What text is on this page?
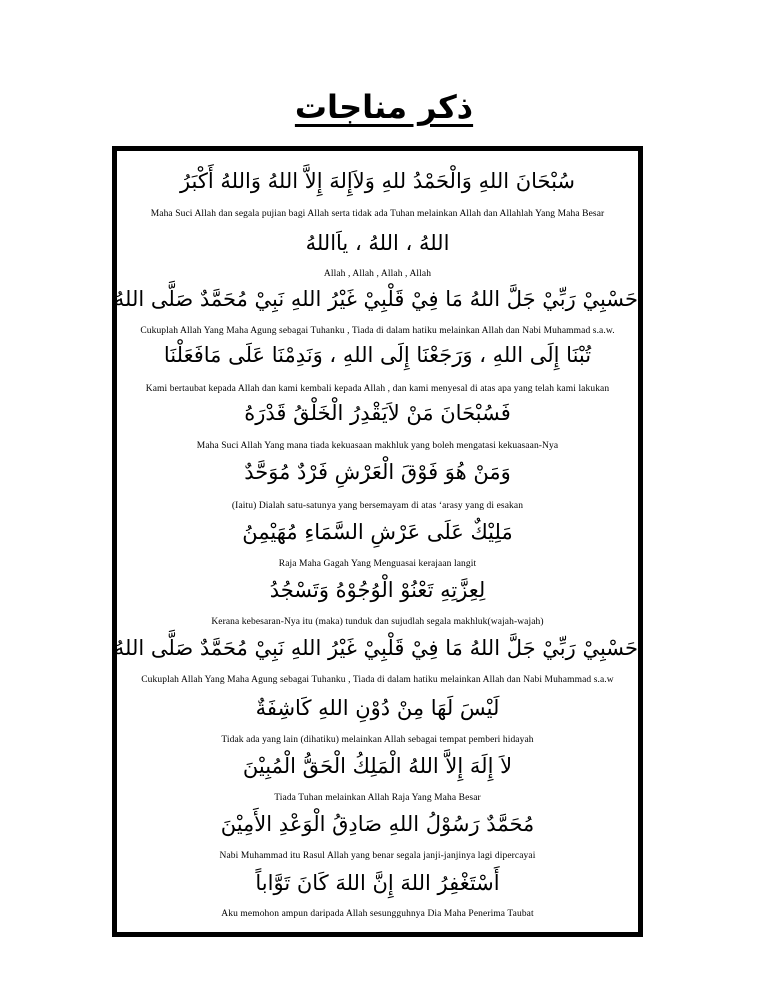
ذكر مناجات
سُبْحَانَ اللهِ وَالْحَمْدُ للهِ وَلاَإِلهَ إِلاَّ اللهُ وَاللهُ أَكْبَرُ
Maha Suci Allah dan segala pujian bagi Allah serta tidak ada Tuhan melainkan Allah dan Allahlah Yang Maha Besar
اللهُ ، اللهُ ، ياَاللهُ
Allah , Allah , Allah , Allah
حَسْبِيْ رَبِّيْ جَلَّ اللهُ مَا فِيْ قَلْبِيْ غَيْرُ اللهِ نَبِيْ مُحَمَّدٌ صَلَّى اللهُ
Cukuplah Allah Yang Maha Agung sebagai Tuhanku , Tiada di dalam hatiku melainkan Allah dan Nabi Muhammad s.a.w.
تُبْنَا إِلَى اللهِ ، وَرَجَعْنَا إِلَى اللهِ ، وَنَدِمْنَا عَلَى مَافَعَلْنَا
Kami bertaubat kepada Allah dan kami kembali kepada Allah , dan kami menyesal di atas apa yang telah kami lakukan
فَسُبْحَانَ مَنْ لاَيَقْدِرُ الْخَلْقُ قَدْرَهُ
Maha Suci Allah Yang mana tiada kekuasaan makhluk yang boleh mengatasi kekuasaan-Nya
وَمَنْ هُوَ فَوْقَ الْعَرْشِ فَرْدٌ مُوَحَّدٌ
(Iaitu) Dialah satu-satunya yang bersemayam di atas ʻarasy yang di esakan
مَلِيْكٌ عَلَى عَرْشِ السَّمَاءِ مُهَيْمِنُ
Raja Maha Gagah Yang Menguasai kerajaan langit
لِعِزَّتِهِ تَعْنُوْ الْوُجُوْهُ وَتَسْجُدُ
Kerana kebesaran-Nya itu (maka) tunduk dan sujudlah segala makhluk(wajah-wajah)
حَسْبِيْ رَبِّيْ جَلَّ اللهُ مَا فِيْ قَلْبِيْ غَيْرُ اللهِ نَبِيْ مُحَمَّدٌ صَلَّى اللهُ
Cukuplah Allah Yang Maha Agung sebagai Tuhanku , Tiada di dalam hatiku melainkan Allah dan Nabi Muhammad s.a.w
لَيْسَ لَهَا مِنْ دُوْنِ اللهِ كَاشِفَةٌ
Tidak ada yang lain (dihatiku) melainkan Allah sebagai tempat pemberi hidayah
لاَ إِلَهَ إِلاَّ اللهُ الْمَلِكُ الْحَقُّ الْمُبِيْنَ
Tiada Tuhan melainkan Allah Raja Yang Maha Besar
مُحَمَّدٌ رَسُوْلُ اللهِ صَادِقُ الْوَعْدِ الأَمِيْنَ
Nabi Muhammad itu Rasul Allah yang benar segala janji-janjinya lagi dipercayai
أَسْتَغْفِرُ اللهَ إِنَّ اللهَ كَانَ تَوَّاباً
Aku memohon ampun daripada Allah sesungguhnya Dia Maha Penerima Taubat
